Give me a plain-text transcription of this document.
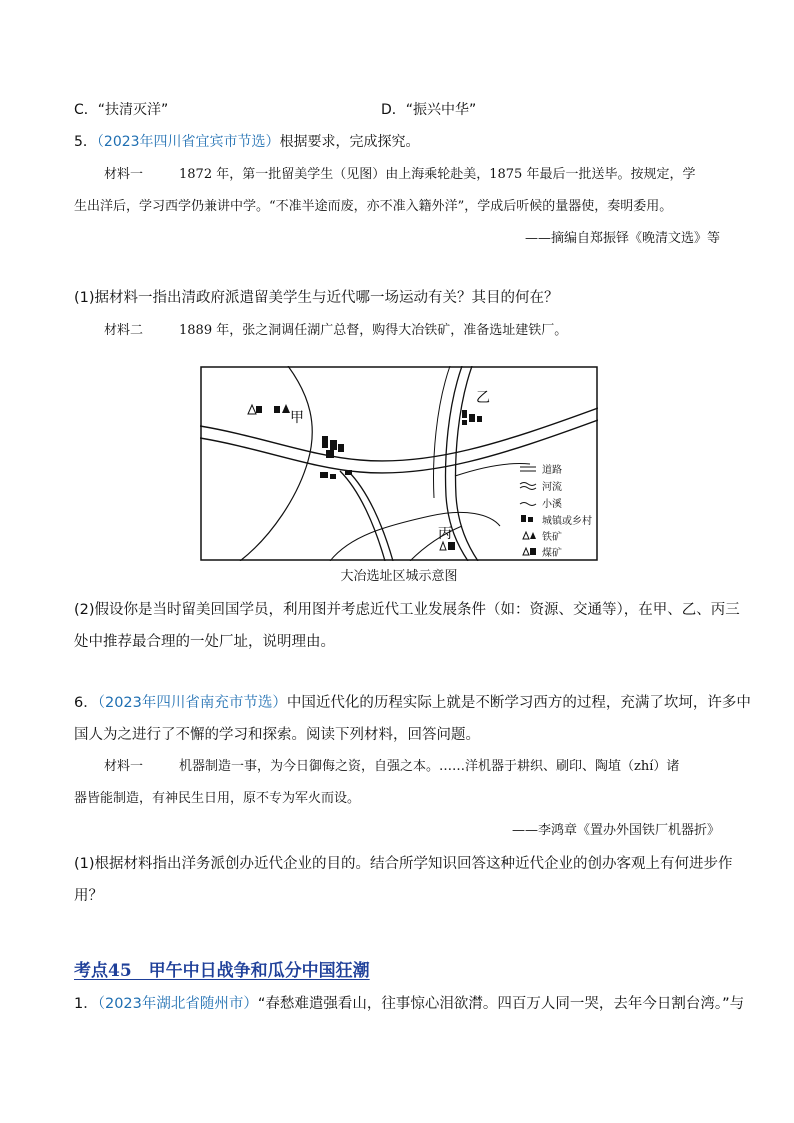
C．“扶清灭洋”	D．“振兴中华”
5．（2023年四川省宜宾市节选）根据要求，完成探究。
材料一	1872 年，第一批留美学生（见图）由上海乘轮赴美，1875 年最后一批送毕。按规定，学
生出洋后，学习西学仍兼讲中学。“不准半途而废，亦不准入籍外洋”，学成后听候的量器使，奏明委用。
——摘编自郑振铎《晚清文选》等
(1)据材料一指出清政府派遣留美学生与近代哪一场运动有关？其目的何在？
材料二	1889 年，张之洞调任湖广总督，购得大冶铁矿，准备选址建铁厂。
甲
乙
丙
道路
河流
小溪
城镇或乡村
铁矿
煤矿
大冶选址区城示意图
(2)假设你是当时留美回国学员，利用图并考虑近代工业发展条件（如：资源、交通等），在甲、乙、丙三
处中推荐最合理的一处厂址，说明理由。
6．（2023年四川省南充市节选）中国近代化的历程实际上就是不断学习西方的过程，充满了坎坷，许多中
国人为之进行了不懈的学习和探索。阅读下列材料，回答问题。
材料一	机器制造一事，为今日御侮之资，自强之本。……洋机器于耕织、刷印、陶埴（zhí）诸
器皆能制造，有神民生日用，原不专为军火而设。
——李鸿章《置办外国铁厂机器折》
(1)根据材料指出洋务派创办近代企业的目的。结合所学知识回答这种近代企业的创办客观上有何进步作
用？
考点45　甲午中日战争和瓜分中国狂潮
1．（2023年湖北省随州市）“春愁难遣强看山，往事惊心泪欲潸。四百万人同一哭，去年今日割台湾。”与
